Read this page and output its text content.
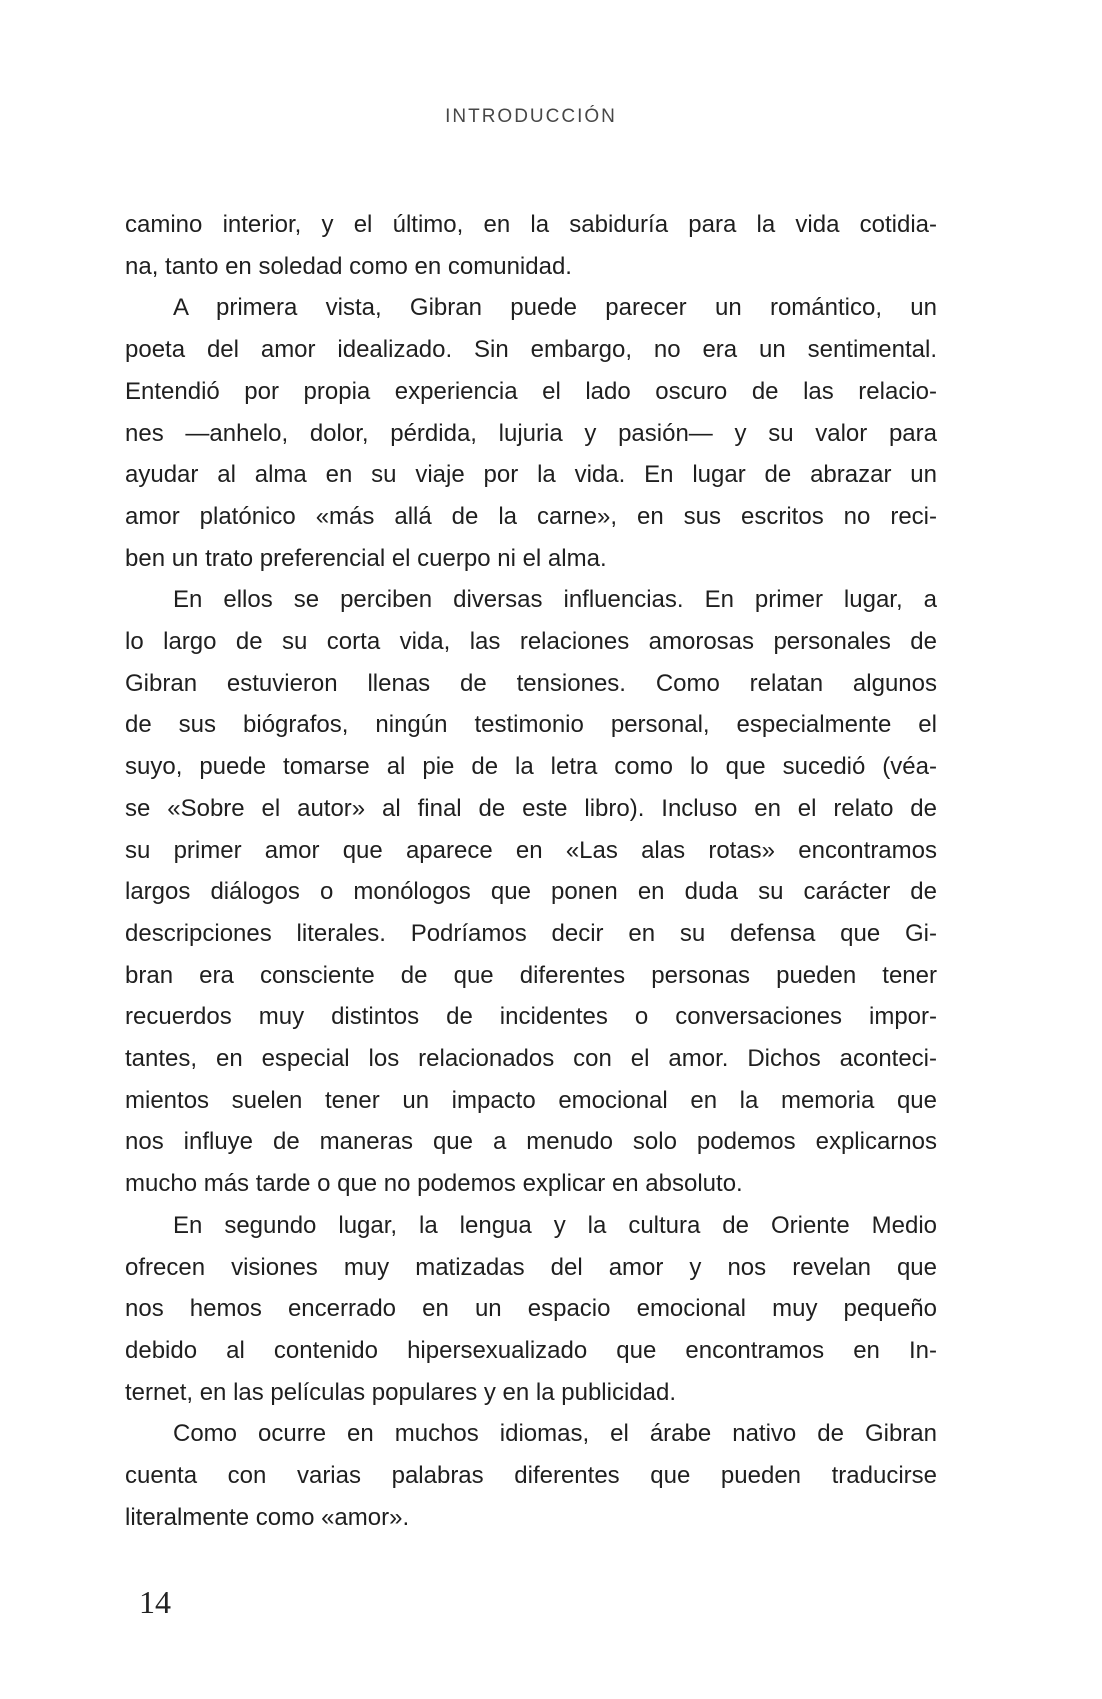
INTRODUCCIÓN
camino interior, y el último, en la sabiduría para la vida cotidia-
na, tanto en soledad como en comunidad.
A primera vista, Gibran puede parecer un romántico, un
poeta del amor idealizado. Sin embargo, no era un sentimental.
Entendió por propia experiencia el lado oscuro de las relacio-
nes —anhelo, dolor, pérdida, lujuria y pasión— y su valor para
ayudar al alma en su viaje por la vida. En lugar de abrazar un
amor platónico «más allá de la carne», en sus escritos no reci-
ben un trato preferencial el cuerpo ni el alma.
En ellos se perciben diversas influencias. En primer lugar, a
lo largo de su corta vida, las relaciones amorosas personales de
Gibran estuvieron llenas de tensiones. Como relatan algunos
de sus biógrafos, ningún testimonio personal, especialmente el
suyo, puede tomarse al pie de la letra como lo que sucedió (véa-
se «Sobre el autor» al final de este libro). Incluso en el relato de
su primer amor que aparece en «Las alas rotas» encontramos
largos diálogos o monólogos que ponen en duda su carácter de
descripciones literales. Podríamos decir en su defensa que Gi-
bran era consciente de que diferentes personas pueden tener
recuerdos muy distintos de incidentes o conversaciones impor-
tantes, en especial los relacionados con el amor. Dichos aconteci-
mientos suelen tener un impacto emocional en la memoria que
nos influye de maneras que a menudo solo podemos explicarnos
mucho más tarde o que no podemos explicar en absoluto.
En segundo lugar, la lengua y la cultura de Oriente Medio
ofrecen visiones muy matizadas del amor y nos revelan que
nos hemos encerrado en un espacio emocional muy pequeño
debido al contenido hipersexualizado que encontramos en In-
ternet, en las películas populares y en la publicidad.
Como ocurre en muchos idiomas, el árabe nativo de Gibran
cuenta con varias palabras diferentes que pueden traducirse
literalmente como «amor».
14
